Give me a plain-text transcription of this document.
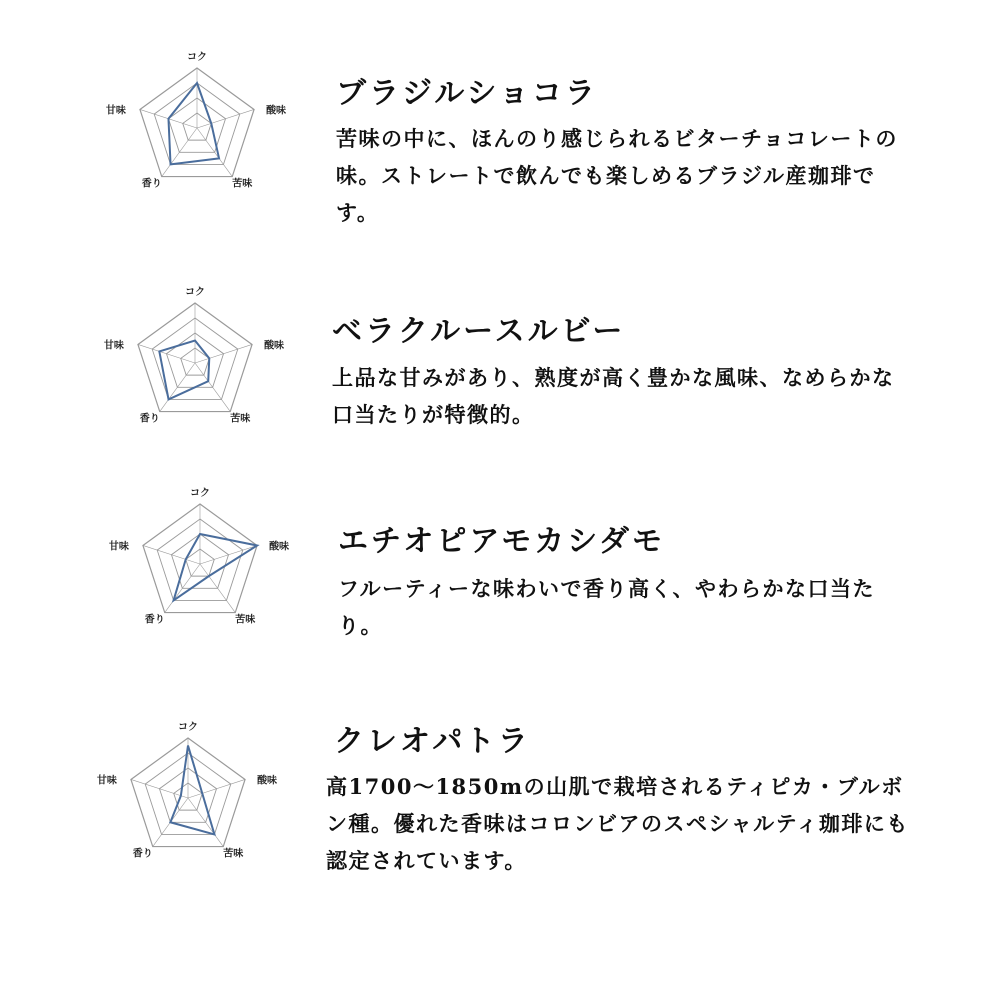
コク
酸味
苦味
香り
甘味	ブラジルショコラ

苦味の中に、ほんのり感じられるビターチョコレートの味。ストレートで飲んでも楽しめるブラジル産珈琲です。

コク
酸味
苦味
香り
甘味	ベラクルースルビー

上品な甘みがあり、熟度が高く豊かな風味、なめらかな口当たりが特徴的。

コク
酸味
苦味
香り
甘味	エチオピアモカシダモ

フルーティーな味わいで香り高く、やわらかな口当たり。

コク
酸味
苦味
香り
甘味
クレオパトラ

高1700～1850mの山肌で栽培されるティピカ・ブルボン種。優れた香味はコロンビアのスペシャルティ珈琲にも認定されています。
